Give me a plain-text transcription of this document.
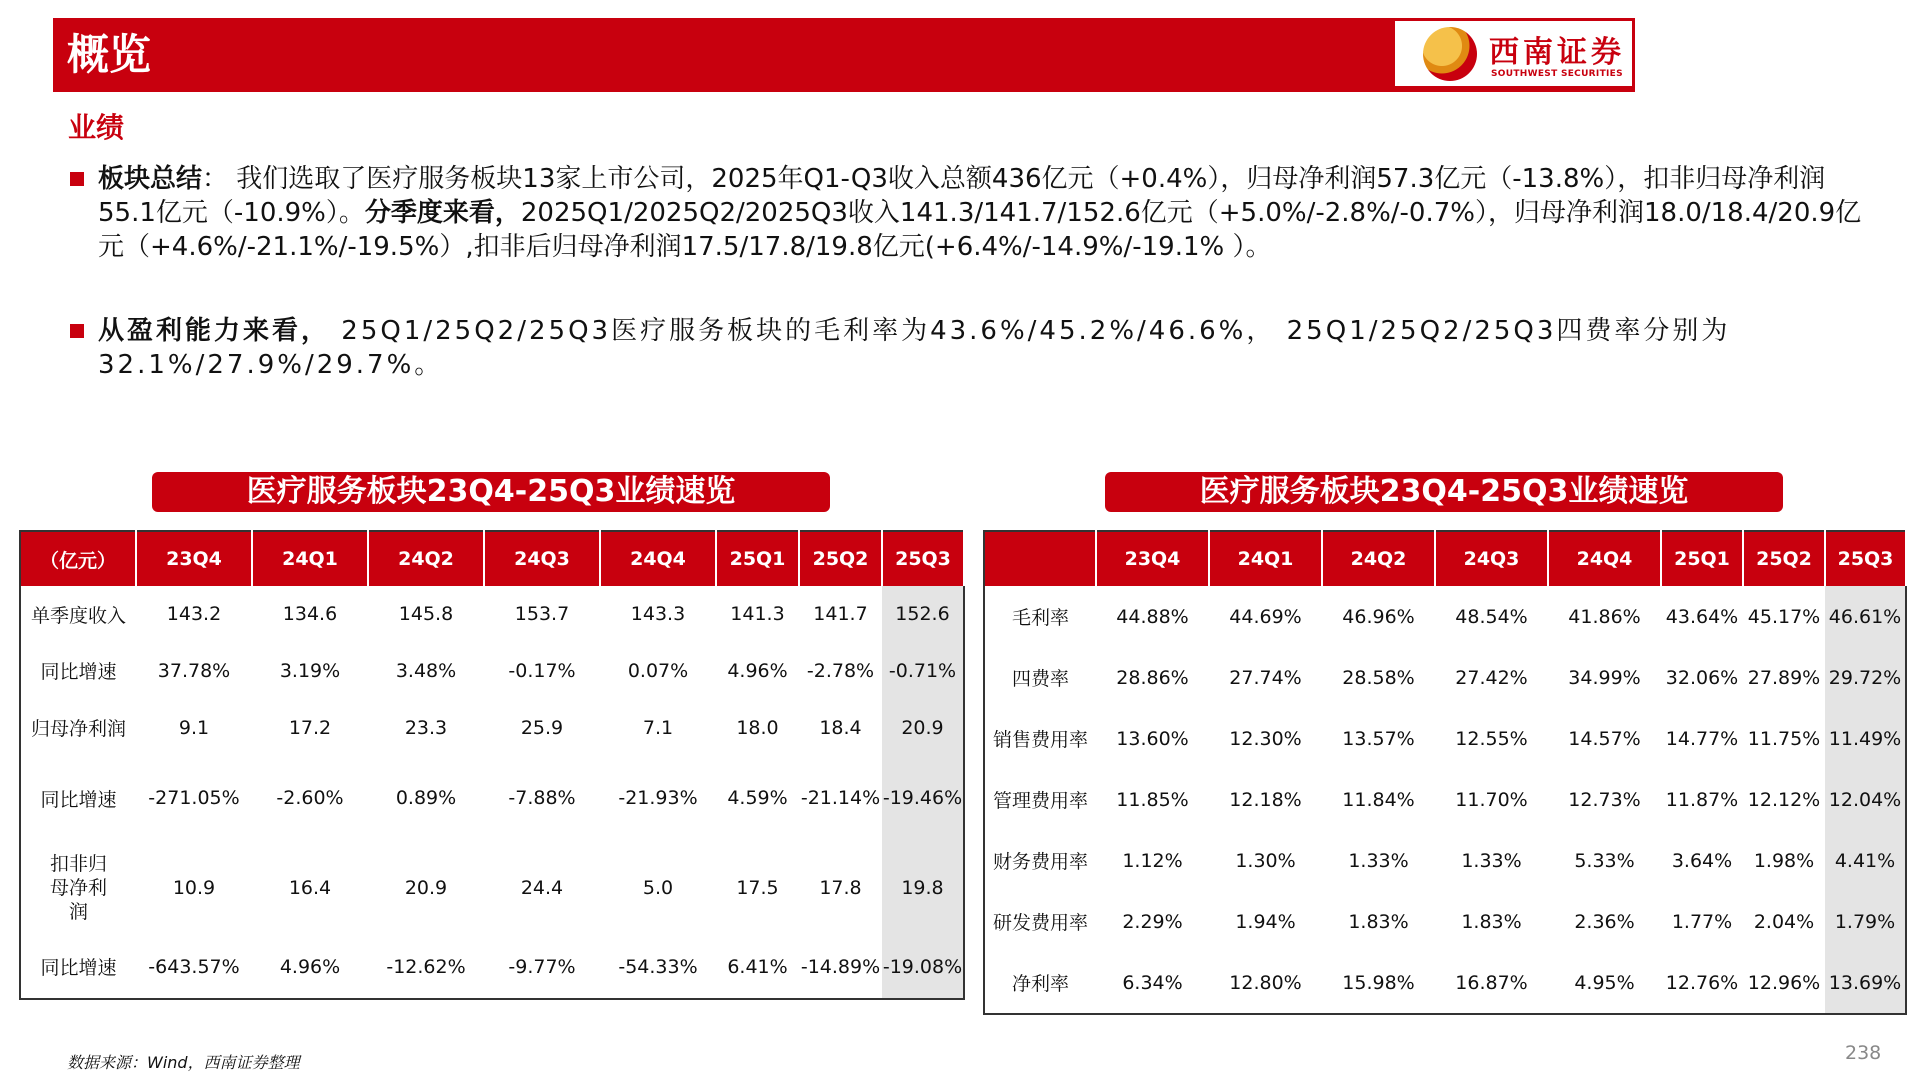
概览	西南证券
SOUTHWEST SECURITIES
业绩
板块总结： 我们选取了医疗服务板块13家上市公司，2025年Q1-Q3收入总额436亿元（+0.4%），归母净利润57.3亿元（-13.8%），扣非归母净利润55.1亿元（-10.9%）。分季度来看，2025Q1/2025Q2/2025Q3收入141.3/141.7/152.6亿元（+5.0%/-2.8%/-0.7%），归母净利润18.0/18.4/20.9亿元（+4.6%/-21.1%/-19.5%）,扣非后归母净利润17.5/17.8/19.8亿元(+6.4%/-14.9%/-19.1% ）。
从盈利能力来看， 25Q1/25Q2/25Q3医疗服务板块的毛利率为43.6%/45.2%/46.6%， 25Q1/25Q2/25Q3四费率分别为32.1%/27.9%/29.7%。
医疗服务板块23Q4-25Q3业绩速览	医疗服务板块23Q4-25Q3业绩速览
（亿元）	23Q4	24Q1	24Q2	24Q3	24Q4	25Q1	25Q2	25Q3
单季度收入	143.2	134.6	145.8	153.7	143.3	141.3	141.7	152.6
同比增速	37.78%	3.19%	3.48%	-0.17%	0.07%	4.96%	-2.78%	-0.71%
归母净利润	9.1	17.2	23.3	25.9	7.1	18.0	18.4	20.9
同比增速	-271.05%	-2.60%	0.89%	-7.88%	-21.93%	4.59%	-21.14%	-19.46%
扣非归母净利润	10.9	16.4	20.9	24.4	5.0	17.5	17.8	19.8
同比增速	-643.57%	4.96%	-12.62%	-9.77%	-54.33%	6.41%	-14.89%	-19.08%
	23Q4	24Q1	24Q2	24Q3	24Q4	25Q1	25Q2	25Q3
毛利率	44.88%	44.69%	46.96%	48.54%	41.86%	43.64%	45.17%	46.61%
四费率	28.86%	27.74%	28.58%	27.42%	34.99%	32.06%	27.89%	29.72%
销售费用率	13.60%	12.30%	13.57%	12.55%	14.57%	14.77%	11.75%	11.49%
管理费用率	11.85%	12.18%	11.84%	11.70%	12.73%	11.87%	12.12%	12.04%
财务费用率	1.12%	1.30%	1.33%	1.33%	5.33%	3.64%	1.98%	4.41%
研发费用率	2.29%	1.94%	1.83%	1.83%	2.36%	1.77%	2.04%	1.79%
净利率	6.34%	12.80%	15.98%	16.87%	4.95%	12.76%	12.96%	13.69%
数据来源：Wind，西南证券整理	238
